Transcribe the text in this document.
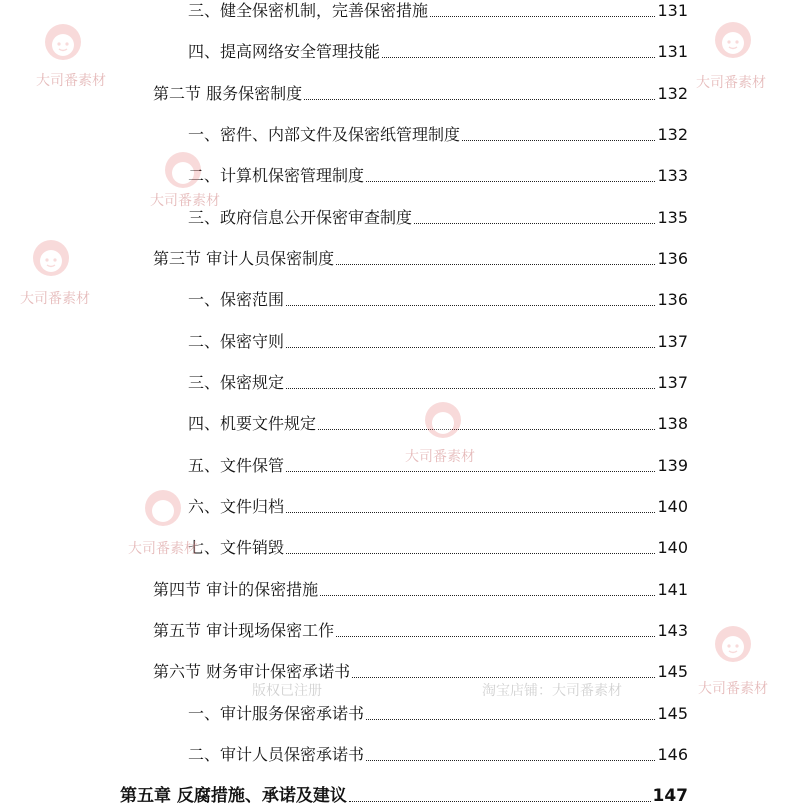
三、健全保密机制，完善保密措施	131
四、提高网络安全管理技能	131
第二节 服务保密制度	132
一、密件、内部文件及保密纸管理制度	132
二、计算机保密管理制度	133
三、政府信息公开保密审查制度	135
第三节 审计人员保密制度	136
一、保密范围	136
二、保密守则	137
三、保密规定	137
四、机要文件规定	138
五、文件保管	139
六、文件归档	140
七、文件销毁	140
第四节 审计的保密措施	141
第五节 审计现场保密工作	143
第六节 财务审计保密承诺书	145
一、审计服务保密承诺书	145
二、审计人员保密承诺书	146
第五章 反腐措施、承诺及建议	147
大司番素材	大司番素材
大司番素材
大司番素材
大司番素材
大司番素材
大司番素材
版权已注册	淘宝店铺：大司番素材
